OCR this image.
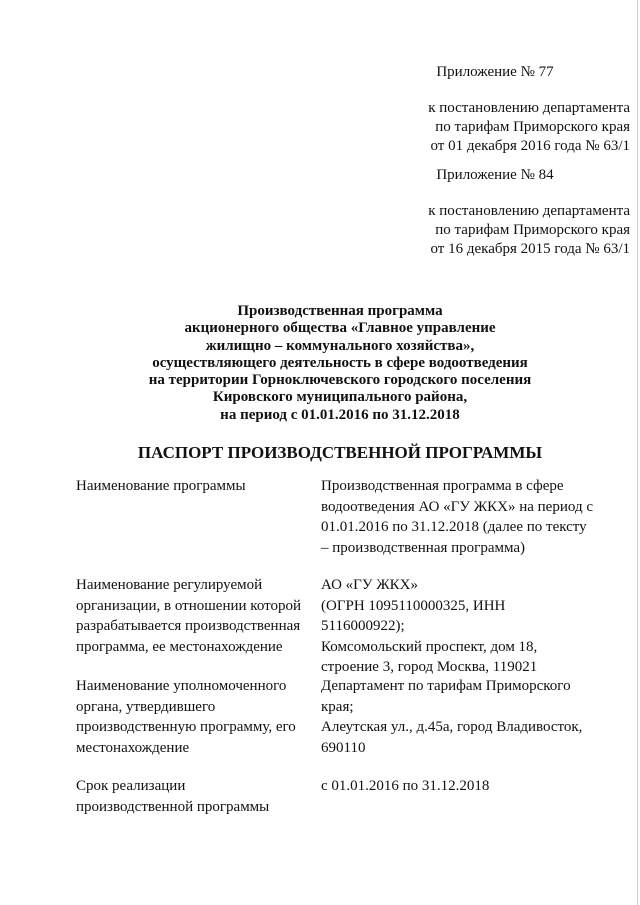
Приложение № 77
к постановлению департамента
по тарифам Приморского края
от 01 декабря 2016 года № 63/1
Приложение № 84
к постановлению департамента
по тарифам Приморского края
от 16 декабря 2015 года № 63/1
Производственная программа
акционерного общества «Главное управление
жилищно – коммунального хозяйства»,
осуществляющего деятельность в сфере водоотведения
на территории Горноключевского городского поселения
Кировского муниципального района,
на период с 01.01.2016 по 31.12.2018
ПАСПОРТ ПРОИЗВОДСТВЕННОЙ ПРОГРАММЫ
Наименование программы	Производственная программа в сфере
водоотведения АО «ГУ ЖКХ» на период с
01.01.2016 по 31.12.2018 (далее по тексту
– производственная программа)
Наименование регулируемой
организации, в отношении которой
разрабатывается производственная
программа, ее местонахождение
АО «ГУ ЖКХ»
(ОГРН 1095110000325, ИНН
5116000922);
Комсомольский проспект, дом 18,
строение 3, город Москва, 119021
Наименование уполномоченного
органа, утвердившего
производственную программу, его
местонахождение
Департамент по тарифам Приморского
края;
Алеутская ул., д.45а, город Владивосток,
690110
Срок реализации
производственной программы
с 01.01.2016 по 31.12.2018
